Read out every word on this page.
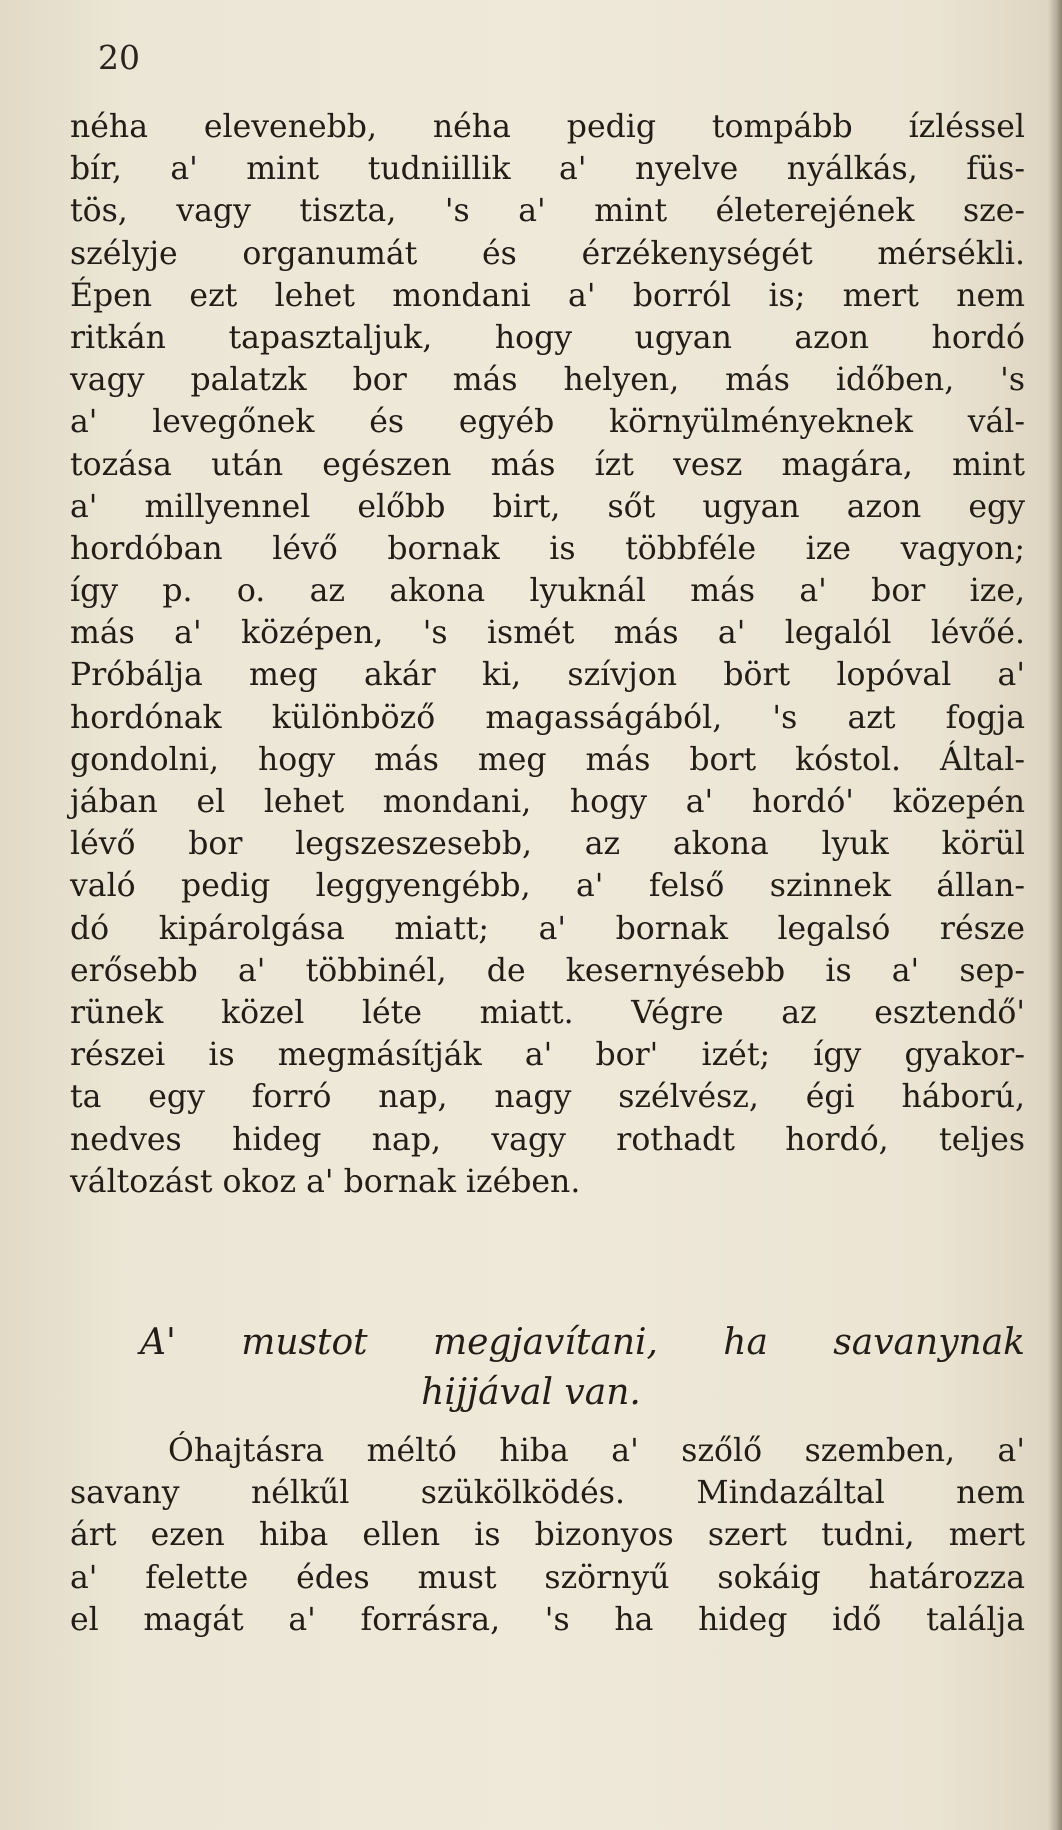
20
néha elevenebb, néha pedig tompább ízléssel
bír, a' mint tudniillik a' nyelve nyálkás, füs-
tös, vagy tiszta, 's a' mint életerejének sze-
szélyje organumát és érzékenységét mérsékli.
Épen ezt lehet mondani a' borról is; mert nem
ritkán tapasztaljuk, hogy ugyan azon hordó
vagy palatzk bor más helyen, más időben, 's
a' levegőnek és egyéb környülményeknek vál-
tozása után egészen más ízt vesz magára, mint
a' millyennel előbb birt, sőt ugyan azon egy
hordóban lévő bornak is többféle ize vagyon;
így p. o. az akona lyuknál más a' bor ize,
más a' középen, 's ismét más a' legalól lévőé.
Próbálja meg akár ki, szívjon bört lopóval a'
hordónak különböző magasságából, 's azt fogja
gondolni, hogy más meg más bort kóstol. Által-
jában el lehet mondani, hogy a' hordó' közepén
lévő bor legszeszesebb, az akona lyuk körül
való pedig leggyengébb, a' felső szinnek állan-
dó kipárolgása miatt; a' bornak legalsó része
erősebb a' többinél, de kesernyésebb is a' sep-
rünek közel léte miatt. Végre az esztendő'
részei is megmásítják a' bor' izét; így gyakor-
ta egy forró nap, nagy szélvész, égi háború,
nedves hideg nap, vagy rothadt hordó, teljes
változást okoz a' bornak izében.
A' mustot megjavítani, ha savanynak
hijjával van.
Óhajtásra méltó hiba a' szőlő szemben, a'
savany nélkűl szükölködés. Mindazáltal nem
árt ezen hiba ellen is bizonyos szert tudni, mert
a' felette édes must szörnyű sokáig határozza
el magát a' forrásra, 's ha hideg idő találja
